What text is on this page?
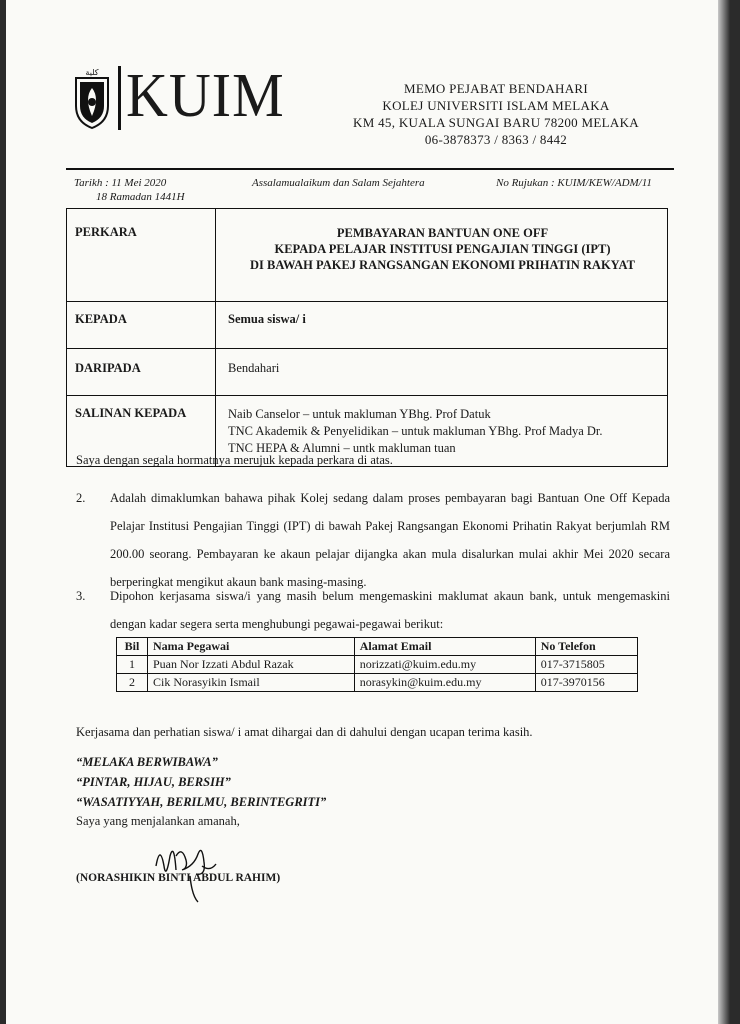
كلية KUIM	MEMO PEJABAT BENDAHARI
KOLEJ UNIVERSITI ISLAM MELAKA
KM 45, KUALA SUNGAI BARU 78200 MELAKA
06-3878373 / 8363 / 8442
Tarikh : 11 Mei 2020
18 Ramadan 1441H
Assalamualaikum dan Salam Sejahtera	No Rujukan : KUIM/KEW/ADM/11
PERKARA	PEMBAYARAN BANTUAN ONE OFF
KEPADA PELAJAR INSTITUSI PENGAJIAN TINGGI (IPT)
DI BAWAH PAKEJ RANGSANGAN EKONOMI PRIHATIN RAKYAT

KEPADA	Semua siswa/ i
DARIPADA	Bendahari
SALINAN KEPADA	Naib Canselor – untuk makluman YBhg. Prof Datuk
TNC Akademik & Penyelidikan – untuk makluman YBhg. Prof Madya Dr.
TNC HEPA & Alumni – untk makluman tuan
Saya dengan segala hormatnya merujuk kepada perkara di atas.
2. Adalah dimaklumkan bahawa pihak Kolej sedang dalam proses pembayaran bagi Bantuan One Off Kepada Pelajar Institusi Pengajian Tinggi (IPT) di bawah Pakej Rangsangan Ekonomi Prihatin Rakyat berjumlah RM 200.00 seorang. Pembayaran ke akaun pelajar dijangka akan mula disalurkan mulai akhir Mei 2020 secara berperingkat mengikut akaun bank masing-masing.
3. Dipohon kerjasama siswa/i yang masih belum mengemaskini maklumat akaun bank, untuk mengemaskini dengan kadar segera serta menghubungi pegawai-pegawai berikut:
Bil	Nama Pegawai	Alamat Email	No Telefon
1	Puan Nor Izzati Abdul Razak	norizzati@kuim.edu.my	017-3715805
2	Cik Norasyikin Ismail	norasykin@kuim.edu.my	017-3970156
Kerjasama dan perhatian siswa/ i amat dihargai dan di dahului dengan ucapan terima kasih.
“MELAKA BERWIBAWA”
“PINTAR, HIJAU, BERSIH”
“WASATIYYAH, BERILMU, BERINTEGRITI”
Saya yang menjalankan amanah,
(NORASHIKIN BINTI ABDUL RAHIM)
